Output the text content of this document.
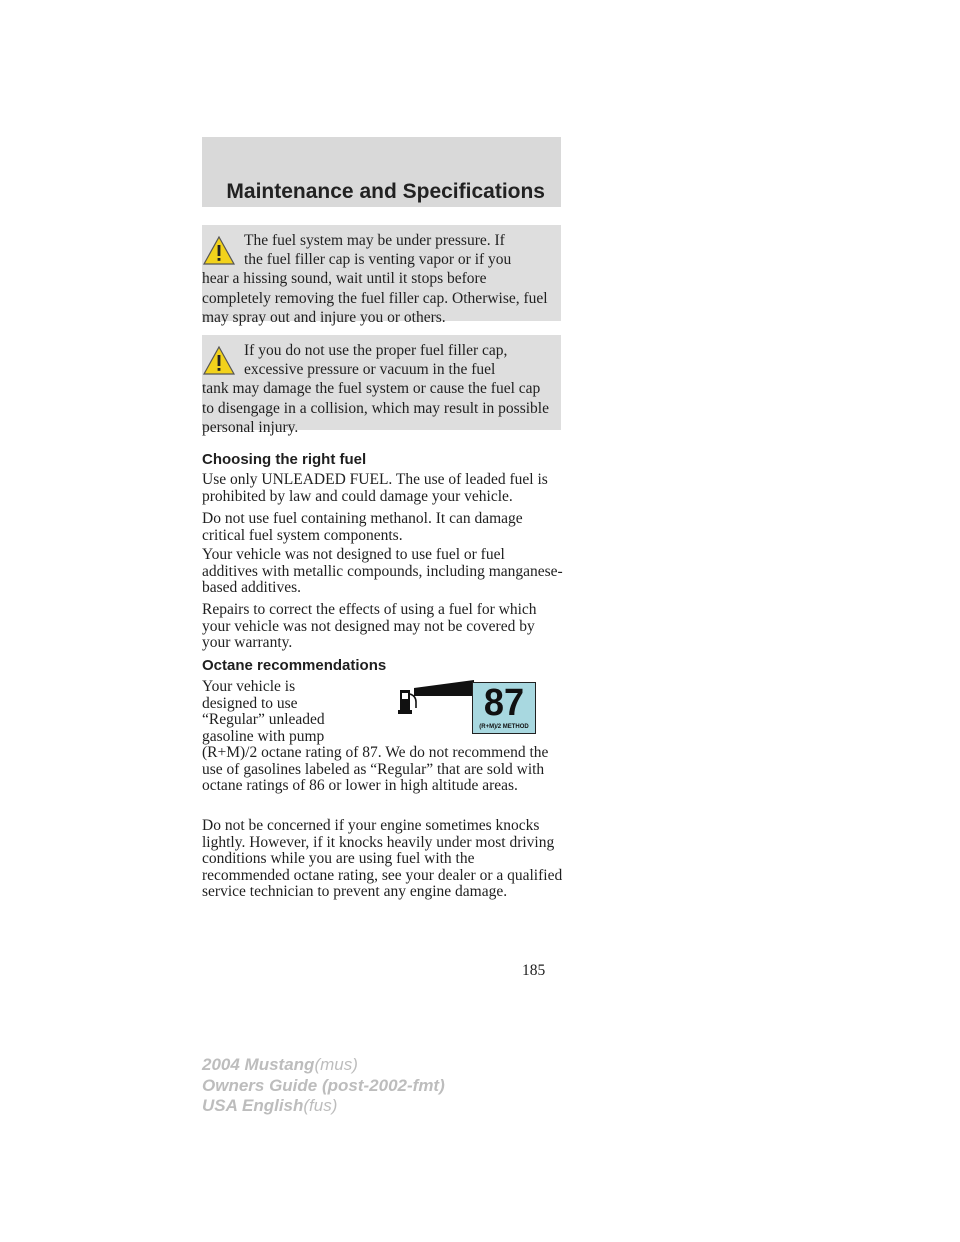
Maintenance and Specifications
The fuel system may be under pressure. If
the fuel filler cap is venting vapor or if you
hear a hissing sound, wait until it stops before completely removing the fuel filler cap. Otherwise, fuel may spray out and injure you or others.
If you do not use the proper fuel filler cap,
excessive pressure or vacuum in the fuel
tank may damage the fuel system or cause the fuel cap to disengage in a collision, which may result in possible personal injury.
Choosing the right fuel
Use only UNLEADED FUEL. The use of leaded fuel is prohibited by law and could damage your vehicle.
Do not use fuel containing methanol. It can damage critical fuel system components.
Your vehicle was not designed to use fuel or fuel additives with metallic compounds, including manganese-based additives.
Repairs to correct the effects of using a fuel for which your vehicle was not designed may not be covered by your warranty.
Octane recommendations
Your vehicle is
designed to use
“Regular” unleaded
gasoline with pump
(R+M)/2 octane rating of 87. We do not recommend the use of gasolines labeled as “Regular” that are sold with octane ratings of 86 or lower in high altitude areas.
Do not be concerned if your engine sometimes knocks lightly. However, if it knocks heavily under most driving conditions while you are using fuel with the recommended octane rating, see your dealer or a qualified service technician to prevent any engine damage.
87
(R+M)/2 METHOD
185
2004 Mustang(mus)
Owners Guide (post-2002-fmt)
USA English(fus)
